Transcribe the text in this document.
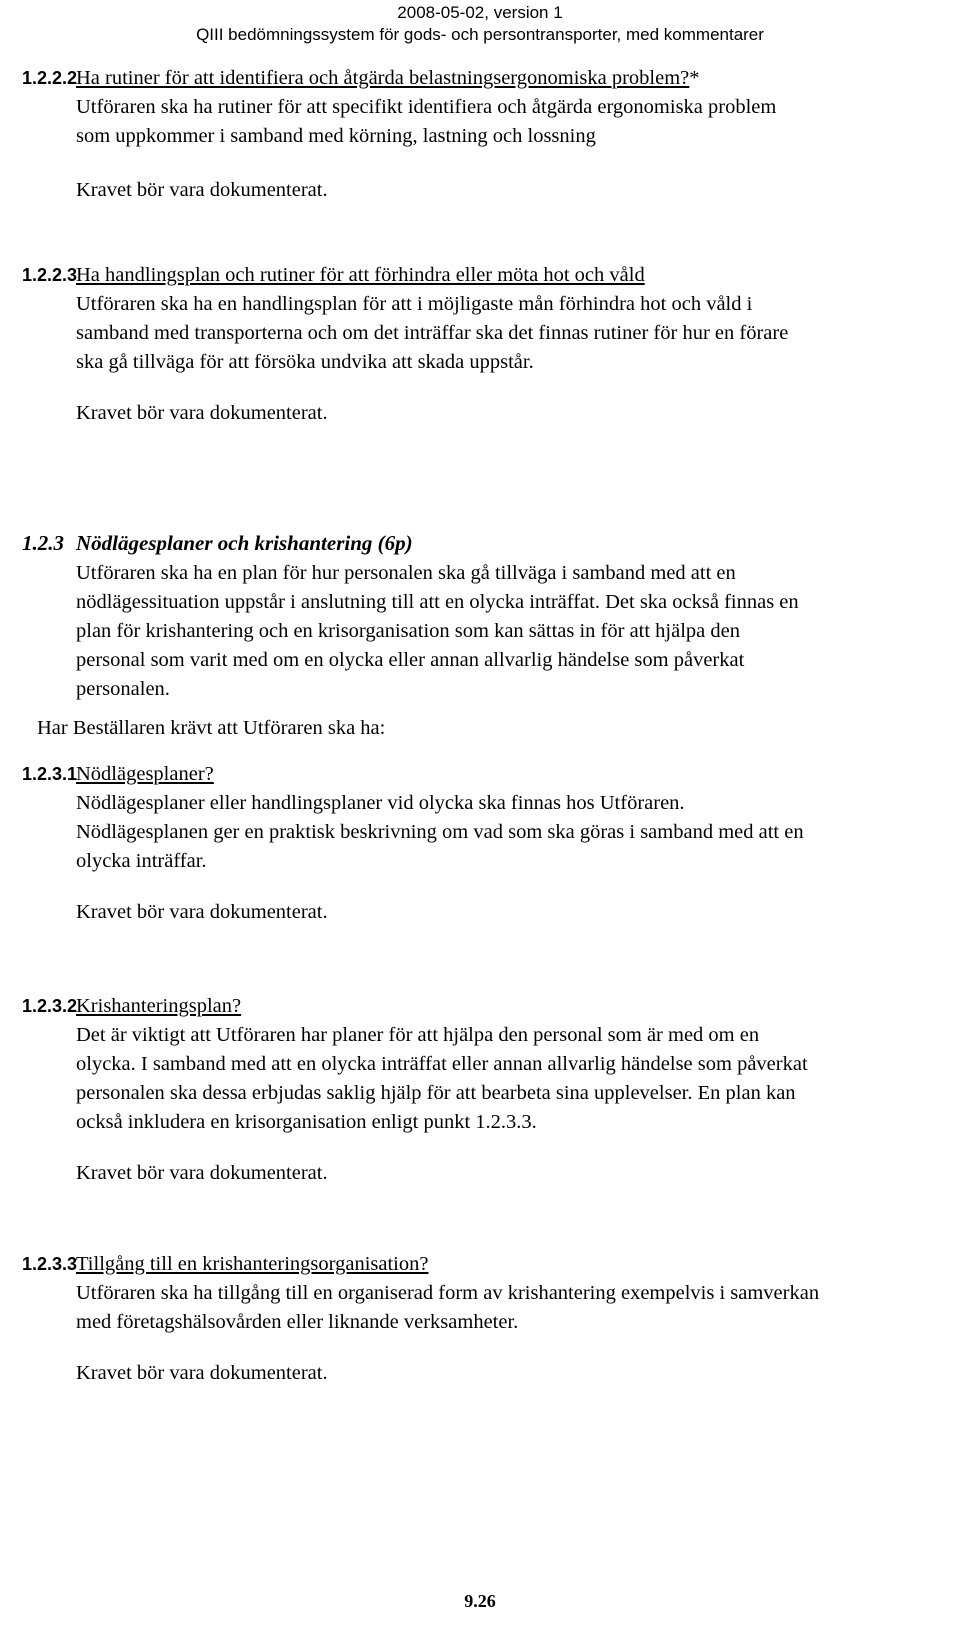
2008-05-02, version 1
QIII bedömningssystem för gods- och persontransporter, med kommentarer
1.2.2.2Ha rutiner för att identifiera och åtgärda belastningsergonomiska problem?*
Utföraren ska ha rutiner för att specifikt identifiera och åtgärda ergonomiska problem
som uppkommer i samband med körning, lastning och lossning
Kravet bör vara dokumenterat.
1.2.2.3Ha handlingsplan och rutiner för att förhindra eller möta hot och våld
Utföraren ska ha en handlingsplan för att i möjligaste mån förhindra hot och våld i
samband med transporterna och om det inträffar ska det finnas rutiner för hur en förare
ska gå tillväga för att försöka undvika att skada uppstår.
Kravet bör vara dokumenterat.
1.2.3 Nödlägesplaner och krishantering (6p)
Utföraren ska ha en plan för hur personalen ska gå tillväga i samband med att en
nödlägessituation uppstår i anslutning till att en olycka inträffat. Det ska också finnas en
plan för krishantering och en krisorganisation som kan sättas in för att hjälpa den
personal som varit med om en olycka eller annan allvarlig händelse som påverkat
personalen.
Har Beställaren krävt att Utföraren ska ha:
1.2.3.1Nödlägesplaner?
Nödlägesplaner eller handlingsplaner vid olycka ska finnas hos Utföraren.
Nödlägesplanen ger en praktisk beskrivning om vad som ska göras i samband med att en
olycka inträffar.
Kravet bör vara dokumenterat.
1.2.3.2Krishanteringsplan?
Det är viktigt att Utföraren har planer för att hjälpa den personal som är med om en
olycka. I samband med att en olycka inträffat eller annan allvarlig händelse som påverkat
personalen ska dessa erbjudas saklig hjälp för att bearbeta sina upplevelser. En plan kan
också inkludera en krisorganisation enligt punkt 1.2.3.3.
Kravet bör vara dokumenterat.
1.2.3.3Tillgång till en krishanteringsorganisation?
Utföraren ska ha tillgång till en organiserad form av krishantering exempelvis i samverkan
med företagshälsovården eller liknande verksamheter.
Kravet bör vara dokumenterat.
9.26
